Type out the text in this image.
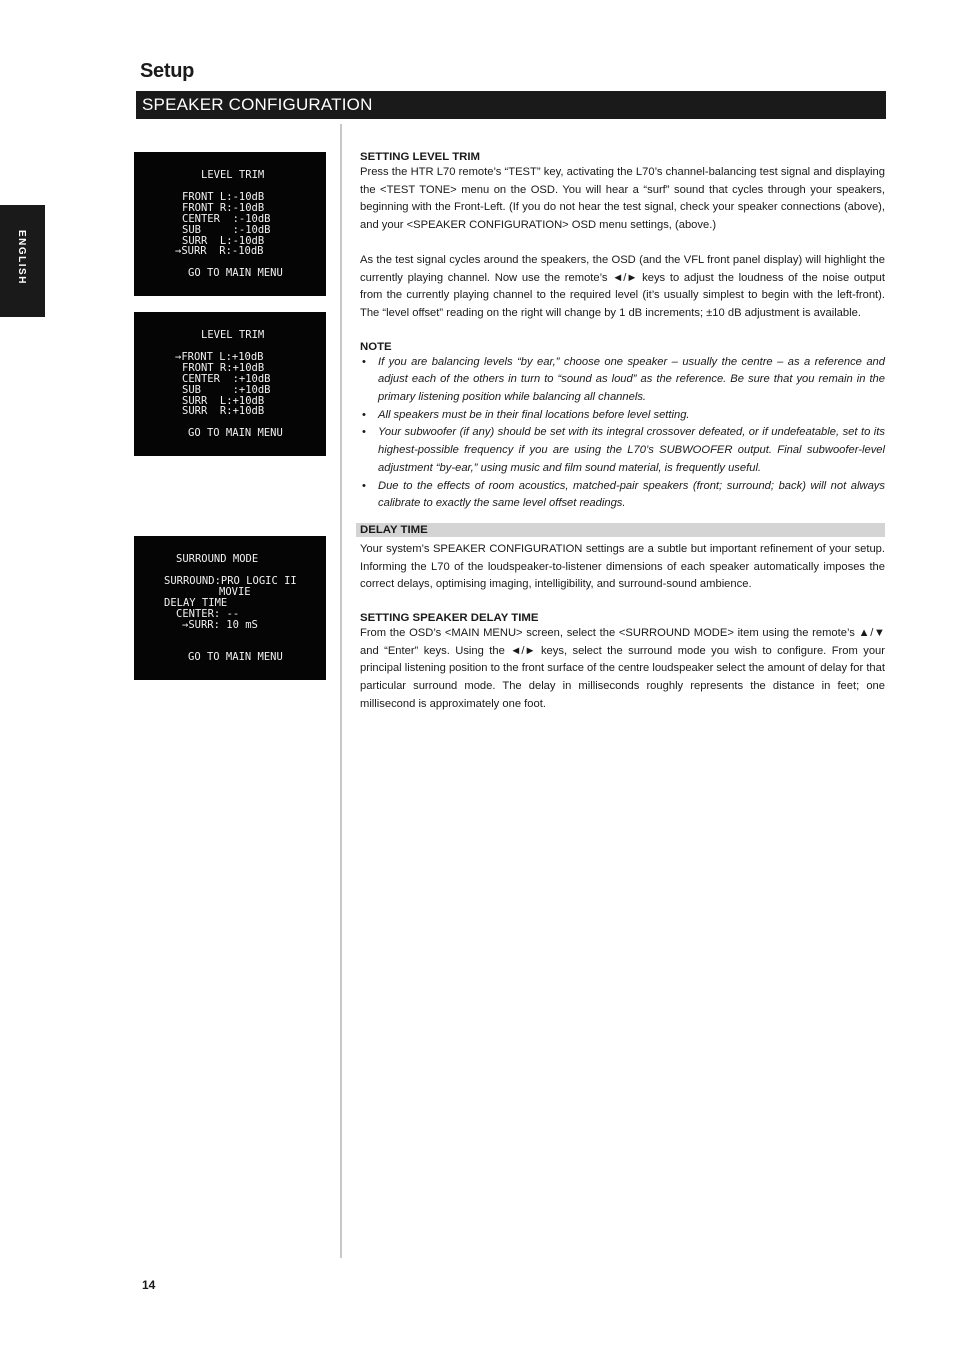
ENGLISH
Setup
SPEAKER CONFIGURATION
LEVEL TRIM
FRONT L:-10dB
FRONT R:-10dB
CENTER  :-10dB
SUB     :-10dB
SURR  L:-10dB
→SURR  R:-10dB
GO TO MAIN MENU
LEVEL TRIM
→FRONT L:+10dB
FRONT R:+10dB
CENTER  :+10dB
SUB     :+10dB
SURR  L:+10dB
SURR  R:+10dB
GO TO MAIN MENU
SURROUND MODE
SURROUND:PRO LOGIC II
MOVIE
DELAY TIME
CENTER: --
→SURR: 10 mS
GO TO MAIN MENU
SETTING LEVEL TRIM

Press the HTR L70 remote’s “TEST” key, activating the L70’s channel-balancing test signal and displaying the <TEST TONE> menu on the OSD. You will hear a “surf” sound that cycles through your speakers, beginning with the Front-Left. (If you do not hear the test signal, check your speaker connections (above), and your <SPEAKER CONFIGURATION> OSD menu settings, (above.)

As the test signal cycles around the speakers, the OSD (and the VFL front panel display) will highlight the currently playing channel. Now use the remote’s ◄/► keys to adjust the loudness of the noise output from the currently playing channel to the required level (it’s usually simplest to begin with the left-front). The “level offset” reading on the right will change by 1 dB increments; ±10 dB adjustment is available.

NOTE
• If you are balancing levels “by ear,” choose one speaker – usually the centre – as a reference and adjust each of the others in turn to “sound as loud” as the reference. Be sure that you remain in the primary listening position while balancing all channels.
• All speakers must be in their final locations before level setting.
• Your subwoofer (if any) should be set with its integral crossover defeated, or if undefeatable, set to its highest-possible frequency if you are using the L70’s SUBWOOFER output. Final subwoofer-level adjustment “by-ear,” using music and film sound material, is frequently useful.
• Due to the effects of room acoustics, matched-pair speakers (front; surround; back) will not always calibrate to exactly the same level offset readings.
DELAY TIME

Your system’s SPEAKER CONFIGURATION settings are a subtle but important refinement of your setup. Informing the L70 of the loudspeaker-to-listener dimensions of each speaker automatically imposes the correct delays, optimising imaging, intelligibility, and surround-sound ambience.

SETTING SPEAKER DELAY TIME

From the OSD’s <MAIN MENU> screen, select the <SURROUND MODE> item using the remote’s ▲/▼ and “Enter” keys. Using the ◄/► keys, select the surround mode you wish to configure. From your principal listening position to the front surface of the centre loudspeaker select the amount of delay for that particular surround mode. The delay in milliseconds roughly represents the distance in feet; one millisecond is approximately one foot.

14
